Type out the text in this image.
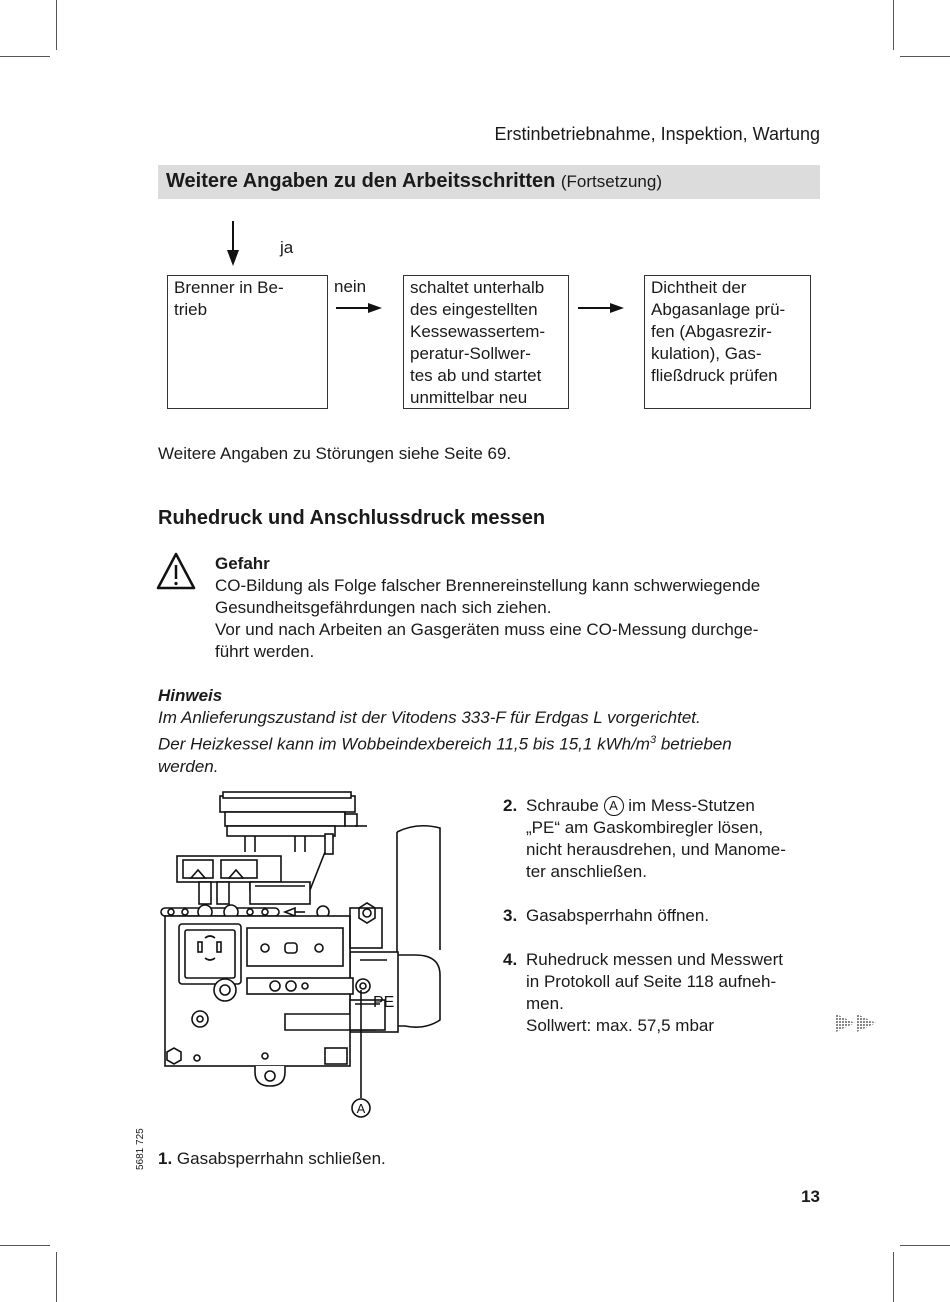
Erstinbetriebnahme, Inspektion, Wartung
Weitere Angaben zu den Arbeitsschritten (Fortsetzung)
ja
nein

Brenner in Be-

trieb

schaltet unterhalb

des eingestellten

Kessewassertem-

peratur-Sollwer-

tes ab und startet

unmittelbar neu

Dichtheit der

Abgasanlage prü-

fen (Abgasrezir-

kulation), Gas-

fließdruck prüfen

Weitere Angaben zu Störungen siehe Seite 69.
Ruhedruck und Anschlussdruck messen
Gefahr
CO-Bildung als Folge falscher Brennereinstellung kann schwerwiegende
Gesundheitsgefährdungen nach sich ziehen.
Vor und nach Arbeiten an Gasgeräten muss eine CO-Messung durchge-
führt werden.
Hinweis
Im Anlieferungszustand ist der Vitodens 333-F für Erdgas L vorgerichtet.
Der Heizkessel kann im Wobbeindexbereich 11,5 bis 15,1 kWh/$m^3$ betrieben
werden.
PE
A
5681 725 1. Gasabsperrhahn schließen.
2. Schraube A im Mess-Stutzen
„PE“ am Gaskombiregler lösen,
nicht herausdrehen, und Manome-
ter anschließen.
3. Gasabsperrhahn öffnen.
4. Ruhedruck messen und Messwert
in Protokoll auf Seite 118 aufneh-
men.
Sollwert: max. 57,5 mbar
13
